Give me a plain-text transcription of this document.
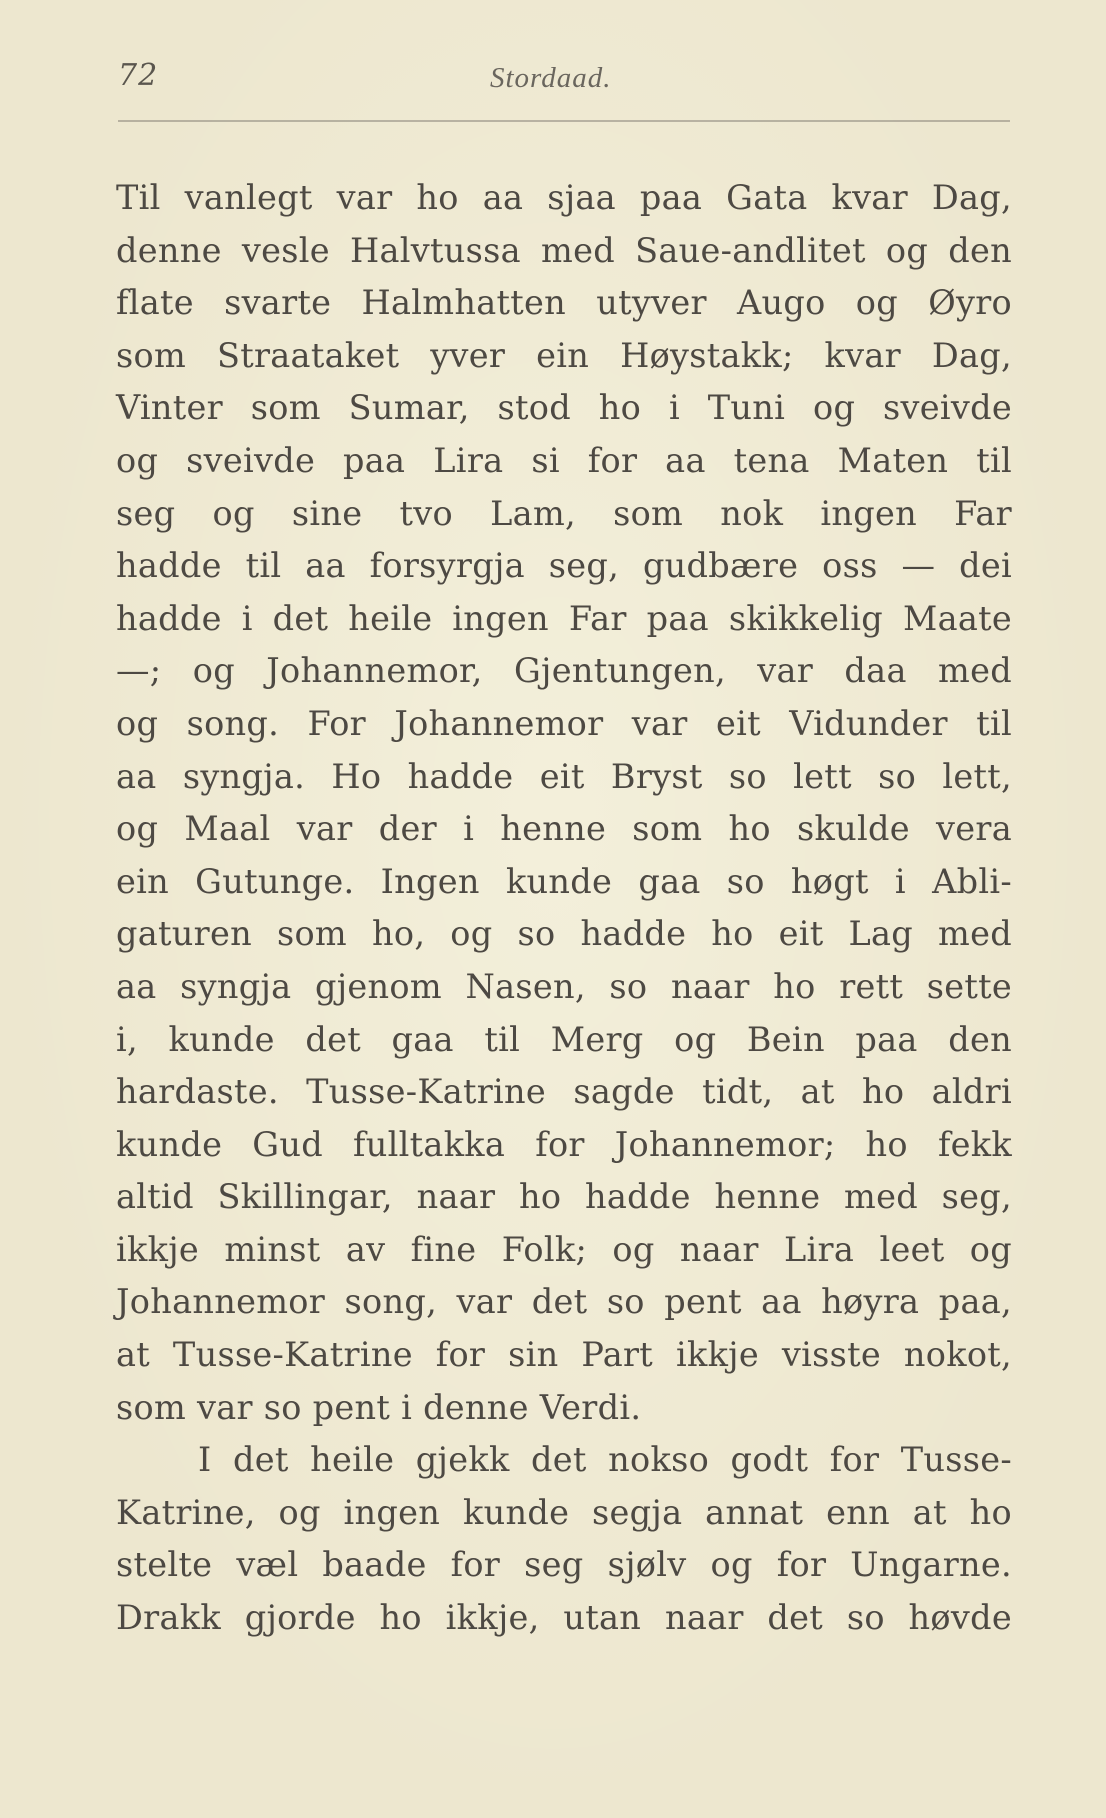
72	Stordaad.
Til vanlegt var ho aa sjaa paa Gata kvar Dag,
denne vesle Halvtussa med Saue-andlitet og den
flate svarte Halmhatten utyver Augo og Øyro
som Straataket yver ein Høystakk; kvar Dag,
Vinter som Sumar, stod ho i Tuni og sveivde
og sveivde paa Lira si for aa tena Maten til
seg og sine tvo Lam, som nok ingen Far
hadde til aa forsyrgja seg, gudbære oss — dei
hadde i det heile ingen Far paa skikkelig Maate
—; og Johannemor, Gjentungen, var daa med
og song. For Johannemor var eit Vidunder til
aa syngja. Ho hadde eit Bryst so lett so lett,
og Maal var der i henne som ho skulde vera
ein Gutunge. Ingen kunde gaa so høgt i Abli-
gaturen som ho, og so hadde ho eit Lag med
aa syngja gjenom Nasen, so naar ho rett sette
i, kunde det gaa til Merg og Bein paa den
hardaste. Tusse-Katrine sagde tidt, at ho aldri
kunde Gud fulltakka for Johannemor; ho fekk
altid Skillingar, naar ho hadde henne med seg,
ikkje minst av fine Folk; og naar Lira leet og
Johannemor song, var det so pent aa høyra paa,
at Tusse-Katrine for sin Part ikkje visste nokot,
som var so pent i denne Verdi.
I det heile gjekk det nokso godt for Tusse-
Katrine, og ingen kunde segja annat enn at ho
stelte væl baade for seg sjølv og for Ungarne.
Drakk gjorde ho ikkje, utan naar det so høvde
